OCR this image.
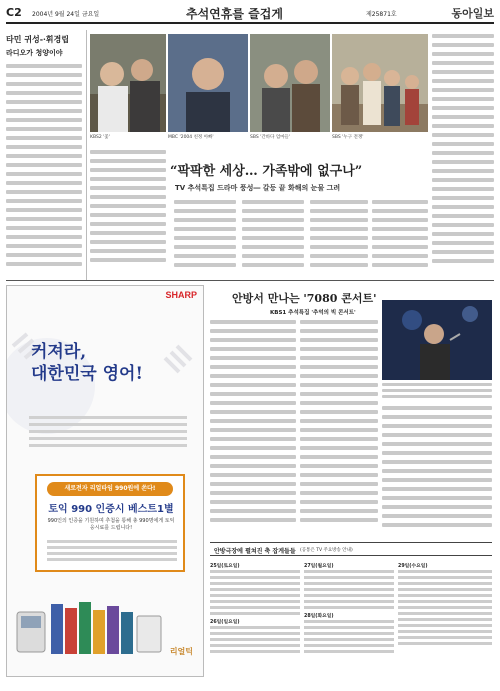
C2 2004년 9월 24일 금요일	추석연휴를 즐겁게	제25871호	동아일보
타민 귀성-·휘경립
라디오가 청양이야
KBS2 '꽃'	MBC '2004 친정 아빠'	SBS '간바다 엄마들'	SBS '누구 전쟁'
“팍팍한 세상… 가족밖에 없구나”
TV 추석특집 드라마 풍성― 갈등 끝 화해의 눈물 그려
SHARP
커져라,
대한민국 영어!
새로전자 리얼타임 990원에 쏜다!
토익 990 인증시 베스트1별
990인의 인증을 기원하며 추첨을 통해 총 990명에게 토익 응시료를 드립니다!
리얼틱
안방서 만나는 '7080 콘서트'
KBS1 추석특집 '추억의 빅 콘서트'
안방극장에 펼쳐진 축 잡게들들 (공통은 TV 주요방송 안내)
25일(토요일)
26일(일요일)
27일(월요일)
28일(화요일)
29일(수요일)
